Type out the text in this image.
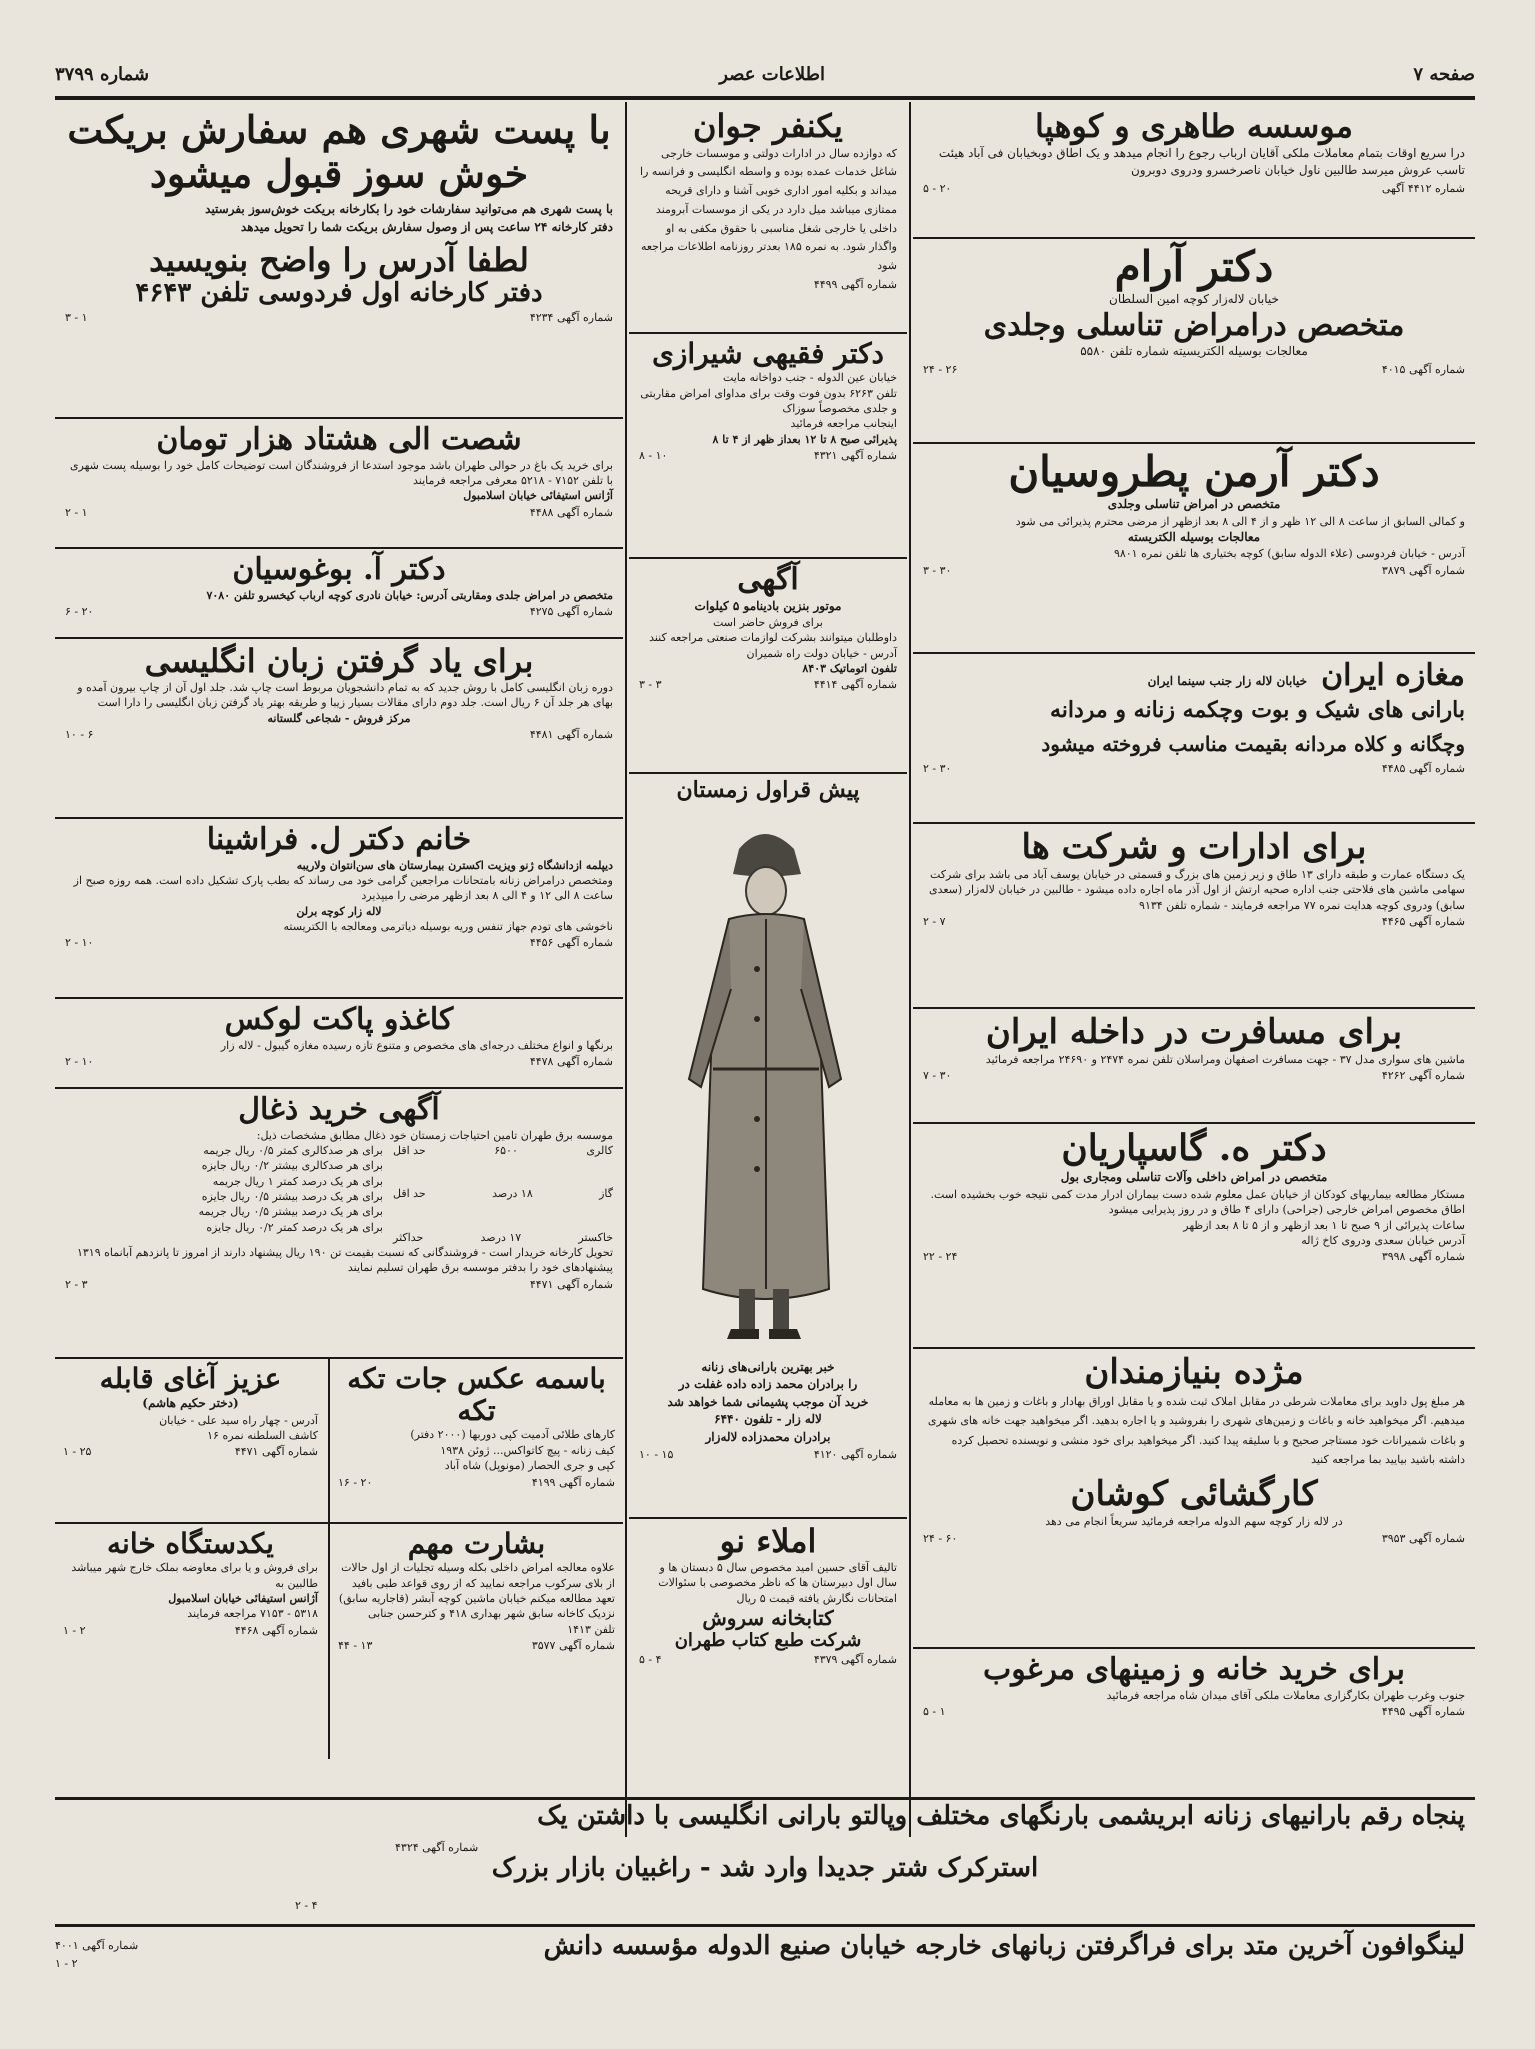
صفحه ۷
اطلاعات عصر
شماره ۳۷۹۹
موسسه طاهری و کوهپا
درا سریع اوقات بتمام معاملات ملکی آقایان ارباب رجوع را انجام میدهد و یک اطاق دوبخیابان فی آباد هیئت تاسب عروش میرسد طالبین ناول خیابان ناصرخسرو ودروی دوبرون
شماره ۴۴۱۲ آگهی
۲۰ - ۵
دکتر آرام
خیابان لاله‌زار کوچه امین السلطان
متخصص درامراض تناسلی وجلدی
معالجات بوسیله الکتریسیته شماره تلفن ۵۵۸۰
شماره آگهی ۴۰۱۵
۲۶ - ۲۴
دکتر آرمن پطروسیان
متخصص در امراض تناسلی وجلدی
و کمالی السابق از ساعت ۸ الی ۱۲ ظهر و از ۴ الی ۸ بعد ازظهر از مرضی محترم پذیرائی می شود
معالجات بوسیله الکتریسته
آدرس - خیابان فردوسی (علاء الدوله سابق) کوچه بختیاری ها تلفن نمره ۹۸۰۱
شماره آگهی ۳۸۷۹
۳۰ - ۳
مغازه ایران
خیابان لاله زار جنب سینما ایران
بارانی های شیک و بوت وچکمه زنانه و مردانه
وچگانه و کلاه مردانه بقیمت مناسب فروخته میشود
شماره آگهی ۴۴۸۵
۳۰ - ۲
برای ادارات و شرکت ها
یک دستگاه عمارت و طبقه دارای ۱۳ طاق و زیر زمین های بزرگ و قسمتی در خیابان یوسف آباد می باشد برای شرکت سهامی ماشین های فلاحتی جنب اداره صحیه ارتش از اول آذر ماه اجاره داده میشود - طالبین در خیابان لاله‌زار (سعدی سابق) ودروی کوچه هدایت نمره ۷۷ مراجعه فرمایند - شماره تلفن ۹۱۳۴
شماره آگهی ۴۴۶۵
۷ - ۲
برای مسافرت در داخله ایران
ماشین های سواری مدل ۳۷ - جهت مسافرت اصفهان ومراسلان تلفن نمره ۲۴۷۴ و ۲۴۶۹۰ مراجعه فرمائید
شماره آگهی ۴۲۶۲
۳۰ - ۷
دکتر ه. گاسپاریان
متخصص در امراض داخلی وآلات تناسلی ومجاری بول
مستکار مطالعه بیماریهای کودکان از خیابان عمل معلوم شده دست بیماران ادرار مدت کمی نتیجه خوب بخشیده است. اطاق مخصوص امراض خارجی (جراحی) دارای ۴ طاق و در روز پذیرایی میشود
ساعات پذیرائی از ۹ صبح تا ۱ بعد ازظهر و از ۵ تا ۸ بعد ازظهر
آدرس خیابان سعدی ودروی کاخ ژاله
شماره آگهی ۳۹۹۸
۲۴ - ۲۲
مژده بنیازمندان
هر مبلغ پول داوید برای معاملات شرطی در مقابل املاک ثبت شده و یا مقابل اوراق بهادار و باغات و زمین ها به معامله میدهیم. اگر میخواهید خانه و باغات و زمین‌های شهری را بفروشید و یا اجاره بدهید. اگر میخواهید جهت خانه های شهری و باغات شمیرانات خود مستاجر صحیح و با سلیقه پیدا کنید. اگر میخواهید برای خود منشی و نویسنده تحصیل کرده داشته باشید بیایید بما مراجعه کنید
کارگشائی کوشان
در لاله زار کوچه سهم الدوله مراجعه فرمائید سریعاً انجام می دهد
شماره آگهی ۳۹۵۳
۶۰ - ۲۴
برای خرید خانه و زمینهای مرغوب
جنوب وغرب طهران بکارگزاری معاملات ملکی آقای میدان شاه مراجعه فرمائید
شماره آگهی ۴۴۹۵
۱ - ۵
یکنفر جوان
که دوازده سال در ادارات دولتی و موسسات خارجی شاغل خدمات عمده بوده و واسطه انگلیسی و فرانسه را میداند و بکلیه امور اداری خوبی آشنا و دارای قریحه ممتازی میباشد میل دارد در یکی از موسسات آبرومند داخلی یا خارجی شغل مناسبی با حقوق مکفی به او واگذار شود. به نمره ۱۸۵ بعدتر روزنامه اطلاعات مراجعه شود
شماره آگهی ۴۴۹۹
دکتر فقیهی شیرازی
خیابان عین الدوله - جنب دواخانه مایت
تلفن ۶۲۶۳ بدون فوت وقت برای مداوای امراض مقاربتی و جلدی مخصوصاً سوزاک
اینجانب مراجعه فرمائید
پذیرائی صبح ۸ تا ۱۲ بعداز ظهر از ۴ تا ۸
شماره آگهی ۴۳۲۱
۱۰ - ۸
آگهی
موتور بنزین بادینامو ۵ کیلوات
برای فروش حاضر است
داوطلبان میتوانند بشرکت لوازمات صنعتی مراجعه کنند
آدرس - خیابان دولت راه شمیران
تلفون اتوماتیک ۸۴۰۳
شماره آگهی ۴۴۱۴
۳ - ۳
پیش قراول زمستان
خبر بهترین بارانی‌های زنانه
را برادران محمد زاده داده غفلت در
خرید آن موجب پشیمانی شما خواهد شد
لاله زار - تلفون ۶۴۴۰
برادران محمدزاده لاله‌زار
شماره آگهی ۴۱۲۰
۱۵ - ۱۰
املاء نو
تالیف آقای حسین امید مخصوص سال ۵ دبستان ها و سال اول دبیرستان ها که ناظر مخصوصی با سئوالات امتحانات نگارش یافته قیمت ۵ ریال
کتابخانه سروش
شرکت طبع کتاب طهران
شماره آگهی ۴۳۷۹
۴ - ۵
با پست شهری هم سفارش بریکت
خوش سوز قبول میشود
با پست شهری هم می‌توانید سفارشات خود را بکارخانه بریکت خوش‌سوز بفرستید
دفتر کارخانه ۲۴ ساعت پس از وصول سفارش بریکت شما را تحویل میدهد
لطفا آدرس را واضح بنویسید
دفتر کارخانه اول فردوسی تلفن ۴۶۴۳
شماره آگهی ۴۲۳۴
۱ - ۳
شصت الی هشتاد هزار تومان
برای خرید یک باغ در حوالی طهران باشد موجود استدعا از فروشندگان است توضیحات کامل خود را بوسیله پست شهری با تلفن ۷۱۵۲ - ۵۲۱۸ معرفی مراجعه فرمایند
آژانس استیفائی خیابان اسلامبول
شماره آگهی ۴۴۸۸
۱ - ۲
دکتر آ. بوغوسیان
متخصص در امراض جلدی ومقاربتی آدرس: خیابان نادری کوچه ارباب کیخسرو تلفن ۷۰۸۰
شماره آگهی ۴۲۷۵
۲۰ - ۶
برای یاد گرفتن زبان انگلیسی
دوره زبان انگلیسی کامل با روش جدید که به تمام دانشجویان مربوط است چاپ شد. جلد اول آن از چاپ بیرون آمده و بهای هر جلد آن ۶ ریال است. جلد دوم دارای مقالات بسیار زیبا و طریقه بهتر یاد گرفتن زبان انگلیسی را دارا است
مرکز فروش - شجاعی گلستانه
شماره آگهی ۴۴۸۱
۶ - ۱۰
خانم دکتر ل. فراشینا
دیپلمه ازدانشگاه ژنو ویزیت اکسترن بیمارستان های سن‌انتوان ولاریبه
ومتخصص درامراض زنانه بامتحانات مراجعین گرامی خود می رساند که بطب پارک تشکیل داده است. همه روزه صبح از ساعت ۸ الی ۱۲ و ۴ الی ۸ بعد ازظهر مرضی را میپذیرد
لاله زار کوچه برلن
ناخوشی های تودم جهاز تنفس وریه بوسیله دیاترمی ومعالجه با الکتریسته
شماره آگهی ۴۴۵۶
۱۰ - ۲
کاغذو پاکت لوکس
برنگها و انواع مختلف درجه‌ای های مخصوص و متنوع تازه رسیده مغازه گیبول - لاله زار
شماره آگهی ۴۴۷۸
۱۰ - ۲
آگهی خرید ذغال
موسسه برق طهران تامین احتیاجات زمستان خود ذغال مطابق مشخصات ذیل:
کالری
۶۵۰۰
حد اقل
گاز
۱۸ درصد
حد اقل
خاکستر
۱۷ درصد
حداکثر
برای هر صدکالری کمتر ۰/۵ ریال جریمه
برای هر صدکالری بیشتر ۰/۲ ریال جایزه
برای هر یک درصد کمتر ۱ ریال جریمه
برای هر یک درصد بیشتر ۰/۵ ریال جایزه
برای هر یک درصد بیشتر ۰/۵ ریال جریمه
برای هر یک درصد کمتر ۰/۲ ریال جایزه
تحویل کارخانه خریدار است - فروشندگانی که نسبت بقیمت تن ۱۹۰ ریال پیشنهاد دارند از امروز تا پانزدهم آبانماه ۱۳۱۹ پیشنهادهای خود را بدفتر موسسه برق طهران تسلیم نمایند
شماره آگهی ۴۴۷۱
۳ - ۲
باسمه عکس جات تکه تکه
کارهای طلائی آدمیت کپی دوربها (۲۰۰۰ دفتر)
کیف زنانه - پیچ کاتواکس... ژوئن ۱۹۳۸
کپی و جری الحصار (مونوپل) شاه آباد
شماره آگهی ۴۱۹۹
۲۰ - ۱۶
عزیز آغای قابله
(دختر حکیم هاشم)
آدرس - چهار راه سید علی - خیابان
کاشف السلطنه نمره ۱۶
شماره آگهی ۴۴۷۱
۲۵ - ۱
بشارت مهم
علاوه معالجه امراض داخلی بکله وسیله تجلیات از اول حالات از بلای سرکوب مراجعه نمایید که از روی قواعد طبی بافید تعهد مطالعه میکنم خیابان ماشین کوچه آبشر (قاجاریه سابق) نزدیک کاخانه سابق شهر بهداری ۴۱۸ و کترحسن جنابی
تلفن ۱۴۱۳
شماره آگهی ۳۵۷۷
۱۳ - ۴۴
یکدستگاه خانه
برای فروش و یا برای معاوضه بملک خارج شهر میباشد طالبین به
آژانس استیفائی خیابان اسلامبول
۵۳۱۸ - ۷۱۵۳ مراجعه فرمایند
شماره آگهی ۴۴۶۸
۲ - ۱
پنجاه رقم بارانیهای زنانه ابریشمی بارنگهای مختلف وپالتو بارانی انگلیسی با داشتن یک
شماره آگهی ۴۳۲۴
استرکرک شتر جدیدا وارد شد - راغبیان بازار بزرک
۴ - ۲
لینگوافون آخرین متد برای فراگرفتن زبانهای خارجه خیابان صنیع الدوله مؤسسه دانش
شماره آگهی ۴۰۰۱
۲ - ۱
